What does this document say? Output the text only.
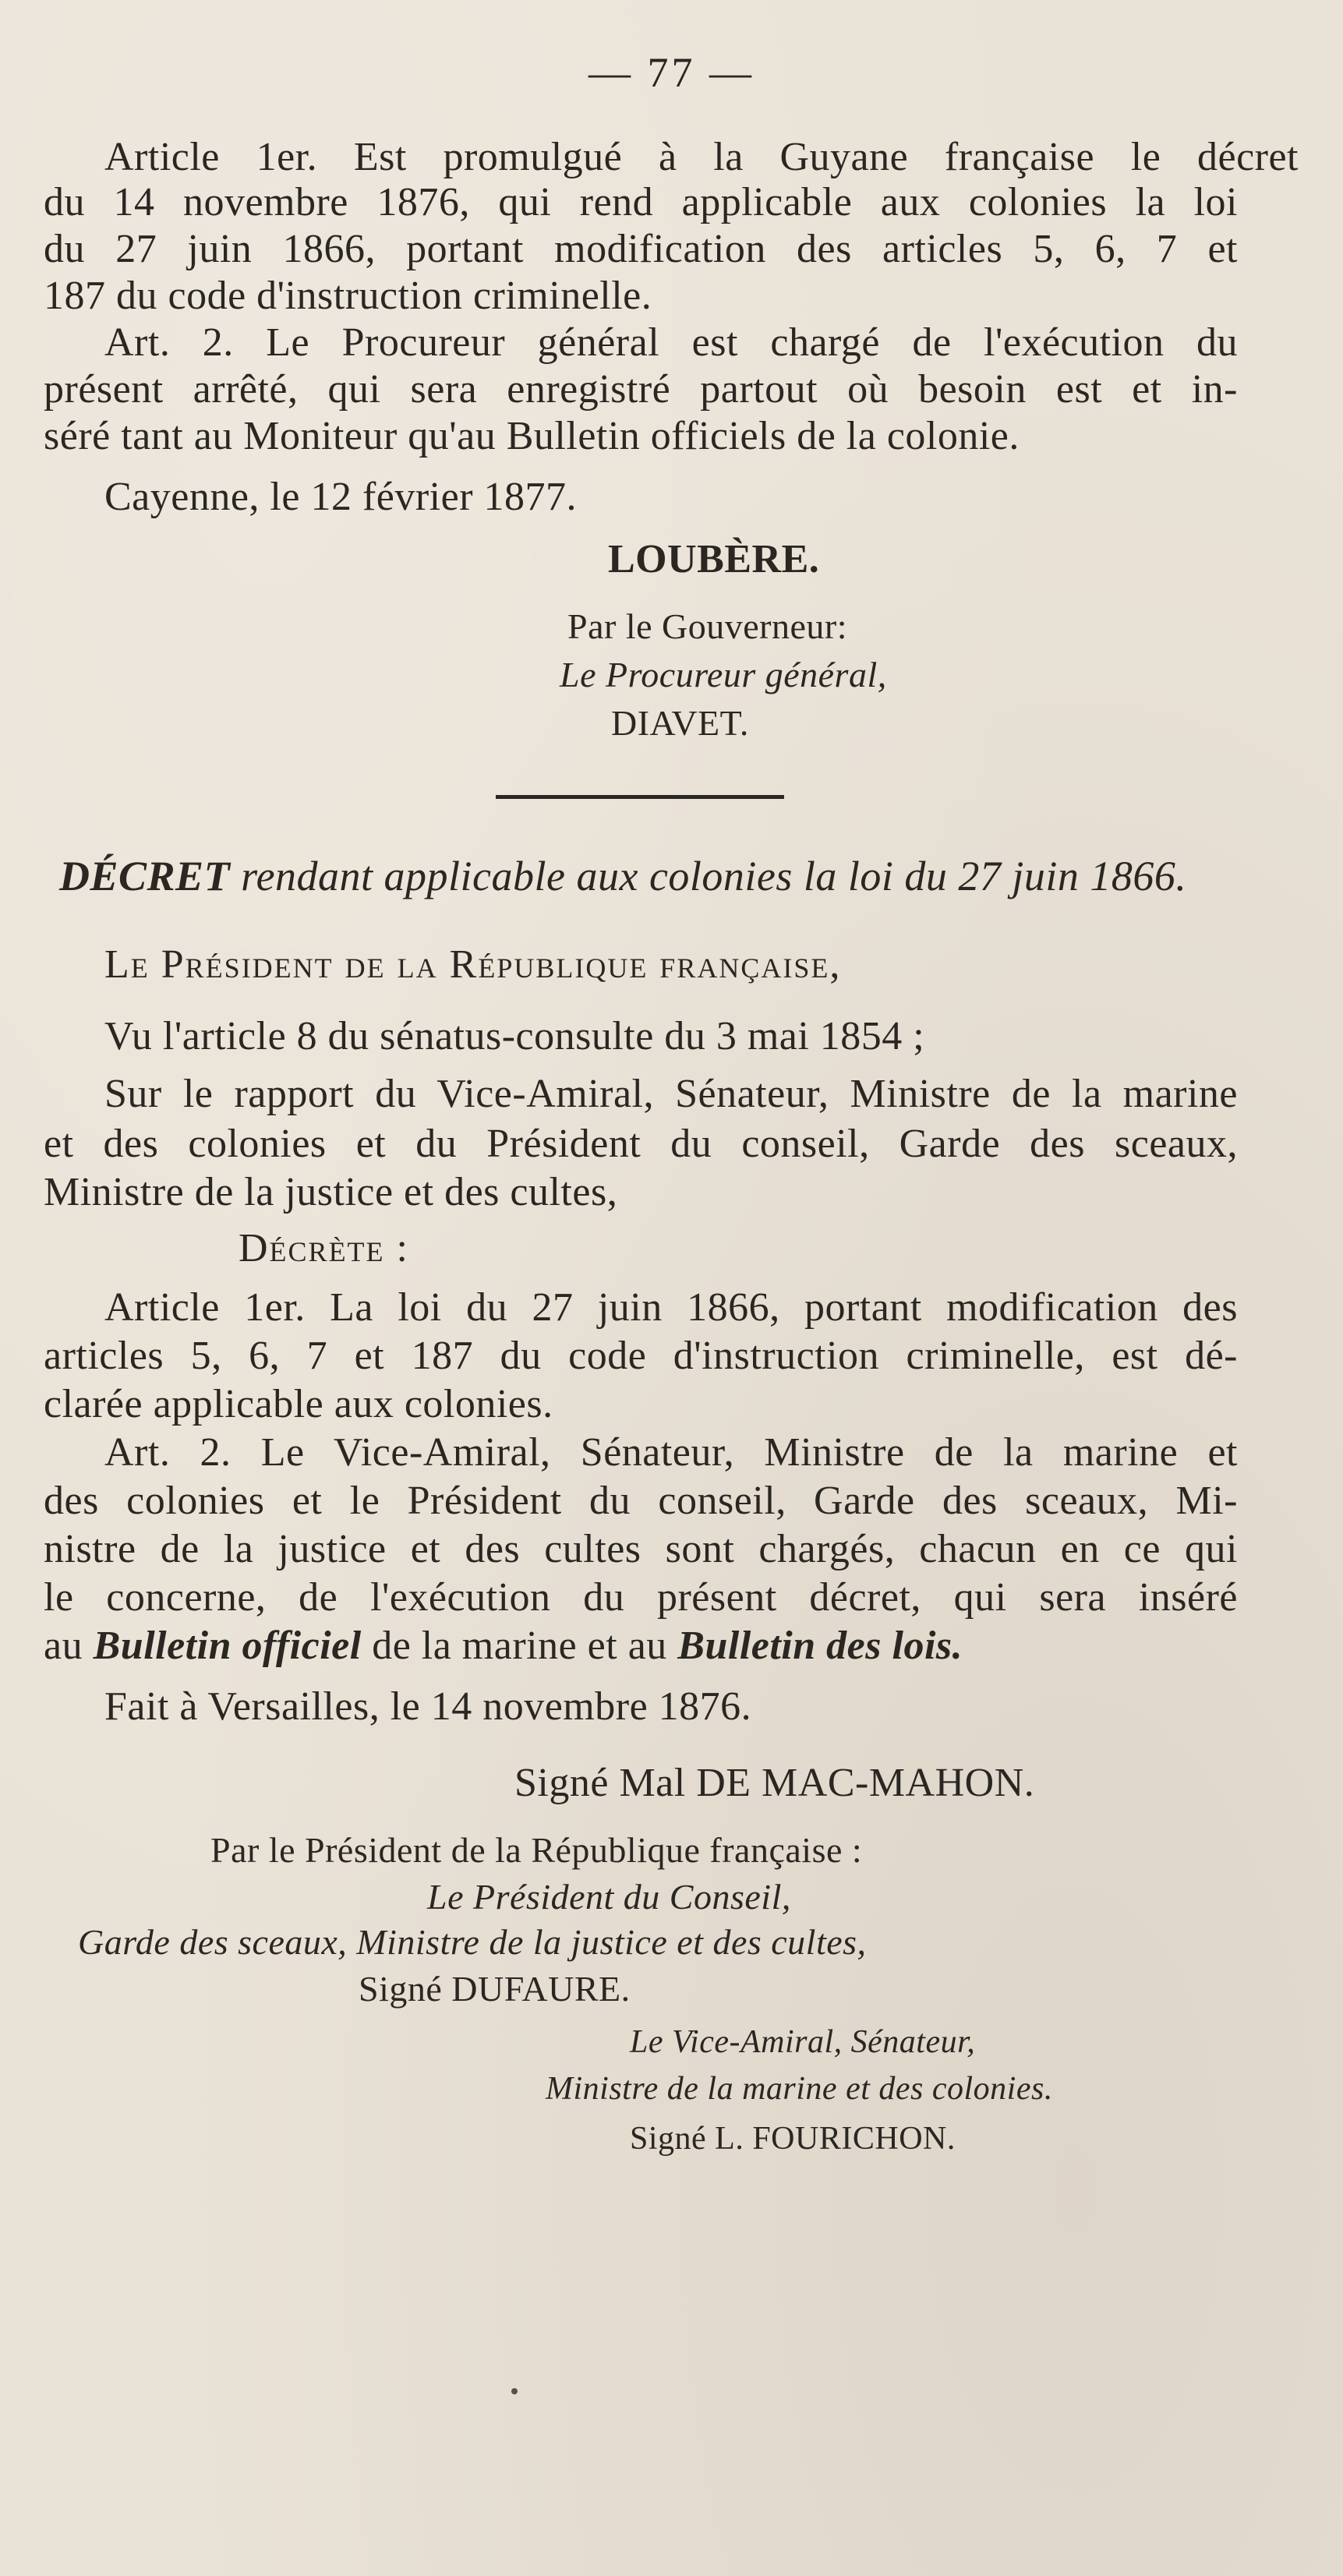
— 77 —
Article 1er. Est promulgué à la Guyane française le décret
du 14 novembre 1876, qui rend applicable aux colonies la loi
du 27 juin 1866, portant modification des articles 5, 6, 7 et
187 du code d'instruction criminelle.
Art. 2. Le Procureur général est chargé de l'exécution du
présent arrêté, qui sera enregistré partout où besoin est et in-
séré tant au Moniteur qu'au Bulletin officiels de la colonie.
Cayenne, le 12 février 1877.
LOUBÈRE.
Par le Gouverneur:
Le Procureur général,
DIAVET.
DÉCRET rendant applicable aux colonies la loi du 27 juin 1866.
Le Président de la République française,
Vu l'article 8 du sénatus-consulte du 3 mai 1854 ;
Sur le rapport du Vice-Amiral, Sénateur, Ministre de la marine
et des colonies et du Président du conseil, Garde des sceaux,
Ministre de la justice et des cultes,
Décrète :
Article 1er. La loi du 27 juin 1866, portant modification des
articles 5, 6, 7 et 187 du code d'instruction criminelle, est dé-
clarée applicable aux colonies.
Art. 2. Le Vice-Amiral, Sénateur, Ministre de la marine et
des colonies et le Président du conseil, Garde des sceaux, Mi-
nistre de la justice et des cultes sont chargés, chacun en ce qui
le concerne, de l'exécution du présent décret, qui sera inséré
au Bulletin officiel de la marine et au Bulletin des lois.
Fait à Versailles, le 14 novembre 1876.
Signé Mal DE MAC-MAHON.
Par le Président de la République française :
Le Président du Conseil,
Garde des sceaux, Ministre de la justice et des cultes,
Signé DUFAURE.
Le Vice-Amiral, Sénateur,
Ministre de la marine et des colonies.
Signé L. FOURICHON.
